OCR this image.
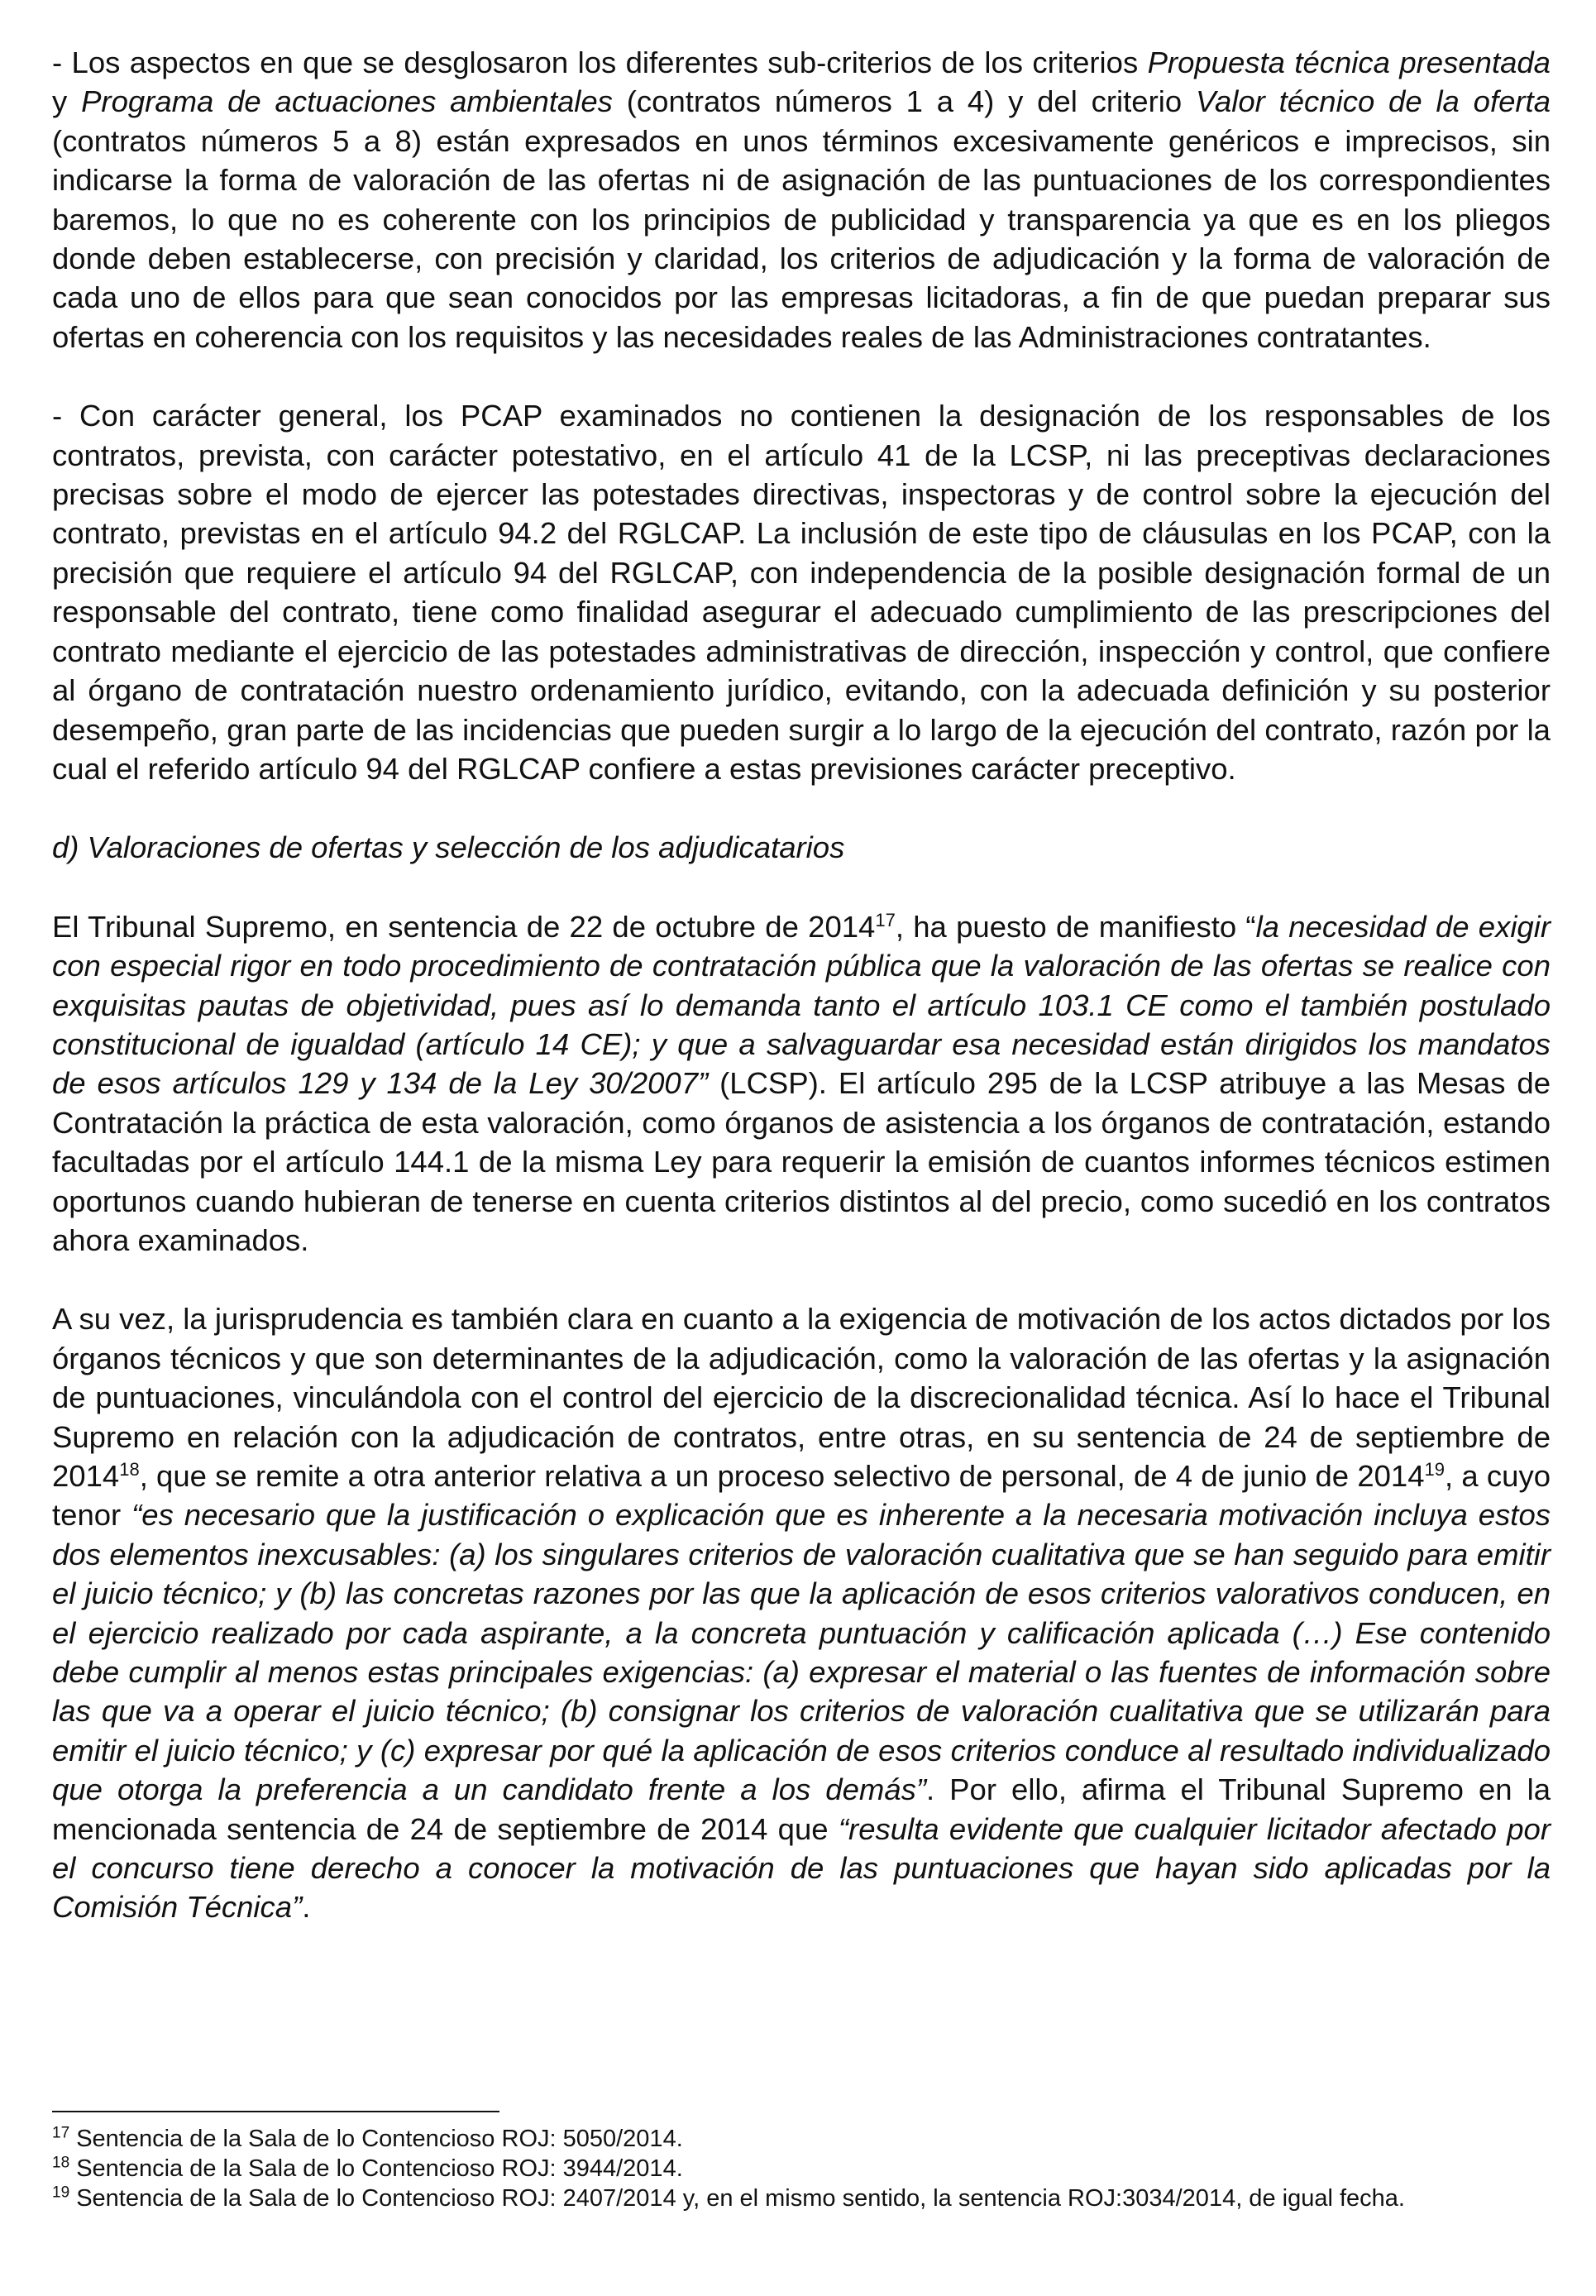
- Los aspectos en que se desglosaron los diferentes sub-criterios de los criterios Propuesta técnica presentada y Programa de actuaciones ambientales (contratos números 1 a 4) y del criterio Valor técnico de la oferta (contratos números 5 a 8) están expresados en unos términos excesivamente genéricos e imprecisos, sin indicarse la forma de valoración de las ofertas ni de asignación de las puntuaciones de los correspondientes baremos, lo que no es coherente con los principios de publicidad y transparencia ya que es en los pliegos donde deben establecerse, con precisión y claridad, los criterios de adjudicación y la forma de valoración de cada uno de ellos para que sean conocidos por las empresas licitadoras, a fin de que puedan preparar sus ofertas en coherencia con los requisitos y las necesidades reales de las Administraciones contratantes.

- Con carácter general, los PCAP examinados no contienen la designación de los responsables de los contratos, prevista, con carácter potestativo, en el artículo 41 de la LCSP, ni las preceptivas declaraciones precisas sobre el modo de ejercer las potestades directivas, inspectoras y de control sobre la ejecución del contrato, previstas en el artículo 94.2 del RGLCAP. La inclusión de este tipo de cláusulas en los PCAP, con la precisión que requiere el artículo 94 del RGLCAP, con independencia de la posible designación formal de un responsable del contrato, tiene como finalidad asegurar el adecuado cumplimiento de las prescripciones del contrato mediante el ejercicio de las potestades administrativas de dirección, inspección y control, que confiere al órgano de contratación nuestro ordenamiento jurídico, evitando, con la adecuada definición y su posterior desempeño, gran parte de las incidencias que pueden surgir a lo largo de la ejecución del contrato, razón por la cual el referido artículo 94 del RGLCAP confiere a estas previsiones carácter preceptivo.

d) Valoraciones de ofertas y selección de los adjudicatarios

El Tribunal Supremo, en sentencia de 22 de octubre de 2014$^{17}$, ha puesto de manifiesto “la necesidad de exigir con especial rigor en todo procedimiento de contratación pública que la valoración de las ofertas se realice con exquisitas pautas de objetividad, pues así lo demanda tanto el artículo 103.1 CE como el también postulado constitucional de igualdad (artículo 14 CE); y que a salvaguardar esa necesidad están dirigidos los mandatos de esos artículos 129 y 134 de la Ley 30/2007” (LCSP). El artículo 295 de la LCSP atribuye a las Mesas de Contratación la práctica de esta valoración, como órganos de asistencia a los órganos de contratación, estando facultadas por el artículo 144.1 de la misma Ley para requerir la emisión de cuantos informes técnicos estimen oportunos cuando hubieran de tenerse en cuenta criterios distintos al del precio, como sucedió en los contratos ahora examinados.

A su vez, la jurisprudencia es también clara en cuanto a la exigencia de motivación de los actos dictados por los órganos técnicos y que son determinantes de la adjudicación, como la valoración de las ofertas y la asignación de puntuaciones, vinculándola con el control del ejercicio de la discrecionalidad técnica. Así lo hace el Tribunal Supremo en relación con la adjudicación de contratos, entre otras, en su sentencia de 24 de septiembre de 2014$^{18}$, que se remite a otra anterior relativa a un proceso selectivo de personal, de 4 de junio de 2014$^{19}$, a cuyo tenor “es necesario que la justificación o explicación que es inherente a la necesaria motivación incluya estos dos elementos inexcusables: (a) los singulares criterios de valoración cualitativa que se han seguido para emitir el juicio técnico; y (b) las concretas razones por las que la aplicación de esos criterios valorativos conducen, en el ejercicio realizado por cada aspirante, a la concreta puntuación y calificación aplicada (…) Ese contenido debe cumplir al menos estas principales exigencias: (a) expresar el material o las fuentes de información sobre las que va a operar el juicio técnico; (b) consignar los criterios de valoración cualitativa que se utilizarán para emitir el juicio técnico; y (c) expresar por qué la aplicación de esos criterios conduce al resultado individualizado que otorga la preferencia a un candidato frente a los demás”. Por ello, afirma el Tribunal Supremo en la mencionada sentencia de 24 de septiembre de 2014 que “resulta evidente que cualquier licitador afectado por el concurso tiene derecho a conocer la motivación de las puntuaciones que hayan sido aplicadas por la Comisión Técnica”.

$^{17}$ Sentencia de la Sala de lo Contencioso ROJ: 5050/2014.

$^{18}$ Sentencia de la Sala de lo Contencioso ROJ: 3944/2014.

$^{19}$ Sentencia de la Sala de lo Contencioso ROJ: 2407/2014 y, en el mismo sentido, la sentencia ROJ:3034/2014, de igual fecha.
